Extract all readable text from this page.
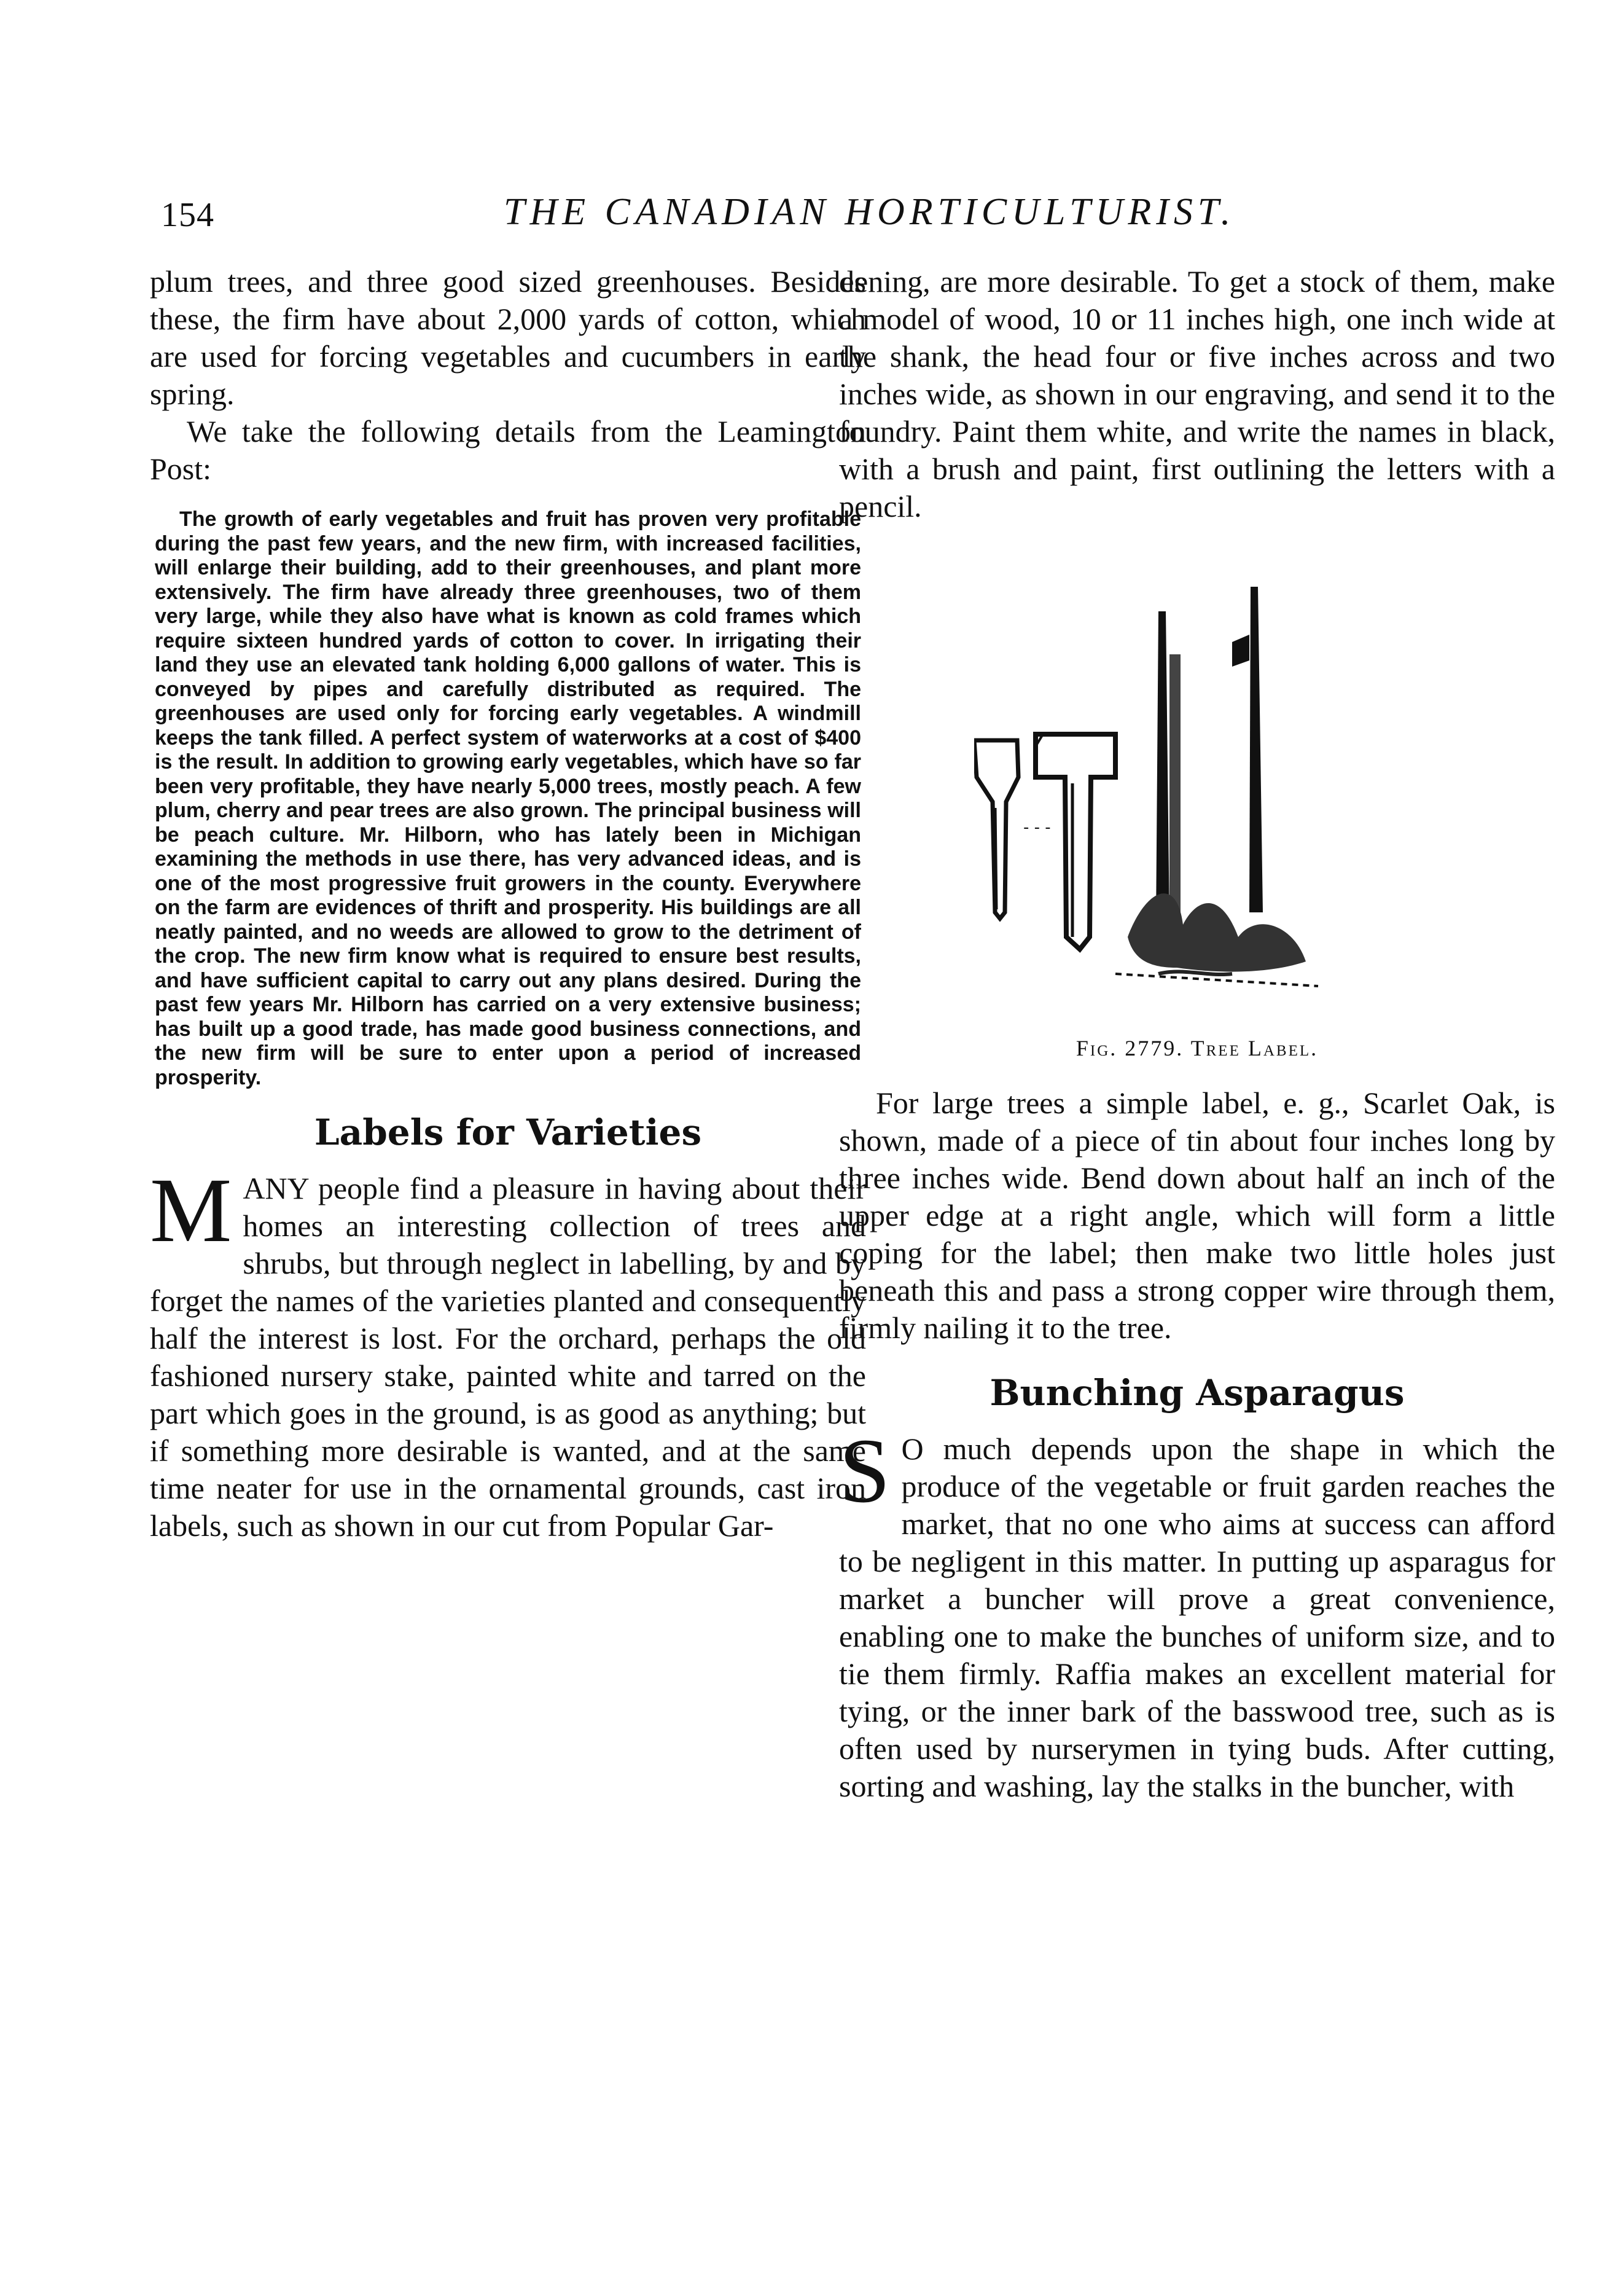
154	THE CANADIAN HORTICULTURIST.

plum trees, and three good sized greenhouses. Besides these, the firm have about 2,000 yards of cotton, which are used for forcing vegetables and cucumbers in early spring.

We take the following details from the Leamington Post:

The growth of early vegetables and fruit has proven very profitable during the past few years, and the new firm, with increased facilities, will enlarge their building, add to their greenhouses, and plant more extensively. The firm have already three greenhouses, two of them very large, while they also have what is known as cold frames which require sixteen hundred yards of cotton to cover. In irrigating their land they use an elevated tank holding 6,000 gallons of water. This is conveyed by pipes and carefully distributed as required. The greenhouses are used only for forcing early vegetables. A windmill keeps the tank filled. A perfect system of waterworks at a cost of $400 is the result. In addition to growing early vegetables, which have so far been very profitable, they have nearly 5,000 trees, mostly peach. A few plum, cherry and pear trees are also grown. The principal business will be peach culture. Mr. Hilborn, who has lately been in Michigan examining the methods in use there, has very advanced ideas, and is one of the most progressive fruit growers in the county. Everywhere on the farm are evidences of thrift and prosperity. His buildings are all neatly painted, and no weeds are allowed to grow to the detriment of the crop. The new firm know what is required to ensure best results, and have sufficient capital to carry out any plans desired. During the past few years Mr. Hilborn has carried on a very extensive business; has built up a good trade, has made good business connections, and the new firm will be sure to enter upon a period of increased prosperity.

Labels for Varieties

MANY people find a pleasure in having about their homes an interesting collection of trees and shrubs, but through neglect in labelling, by and by forget the names of the varieties planted and consequently half the interest is lost. For the orchard, perhaps the old fashioned nursery stake, painted white and tarred on the part which goes in the ground, is as good as anything; but if something more desirable is wanted, and at the same time neater for use in the ornamental grounds, cast iron labels, such as shown in our cut from Popular Gar-

dening, are more desirable. To get a stock of them, make a model of wood, 10 or 11 inches high, one inch wide at the shank, the head four or five inches across and two inches wide, as shown in our engraving, and send it to the foundry. Paint them white, and write the names in black, with a brush and paint, first outlining the letters with a pencil.

- - -
Fig. 2779. Tree Label.

For large trees a simple label, e. g., Scarlet Oak, is shown, made of a piece of tin about four inches long by three inches wide. Bend down about half an inch of the upper edge at a right angle, which will form a little coping for the label; then make two little holes just beneath this and pass a strong copper wire through them, firmly nailing it to the tree.

Bunching Asparagus

S O much depends upon the shape in which the produce of the vegetable or fruit garden reaches the market, that no one who aims at success can afford to be negligent in this matter. In putting up asparagus for market a buncher will prove a great convenience, enabling one to make the bunches of uniform size, and to tie them firmly. Raffia makes an excellent material for tying, or the inner bark of the basswood tree, such as is often used by nurserymen in tying buds. After cutting, sorting and washing, lay the stalks in the buncher, with
